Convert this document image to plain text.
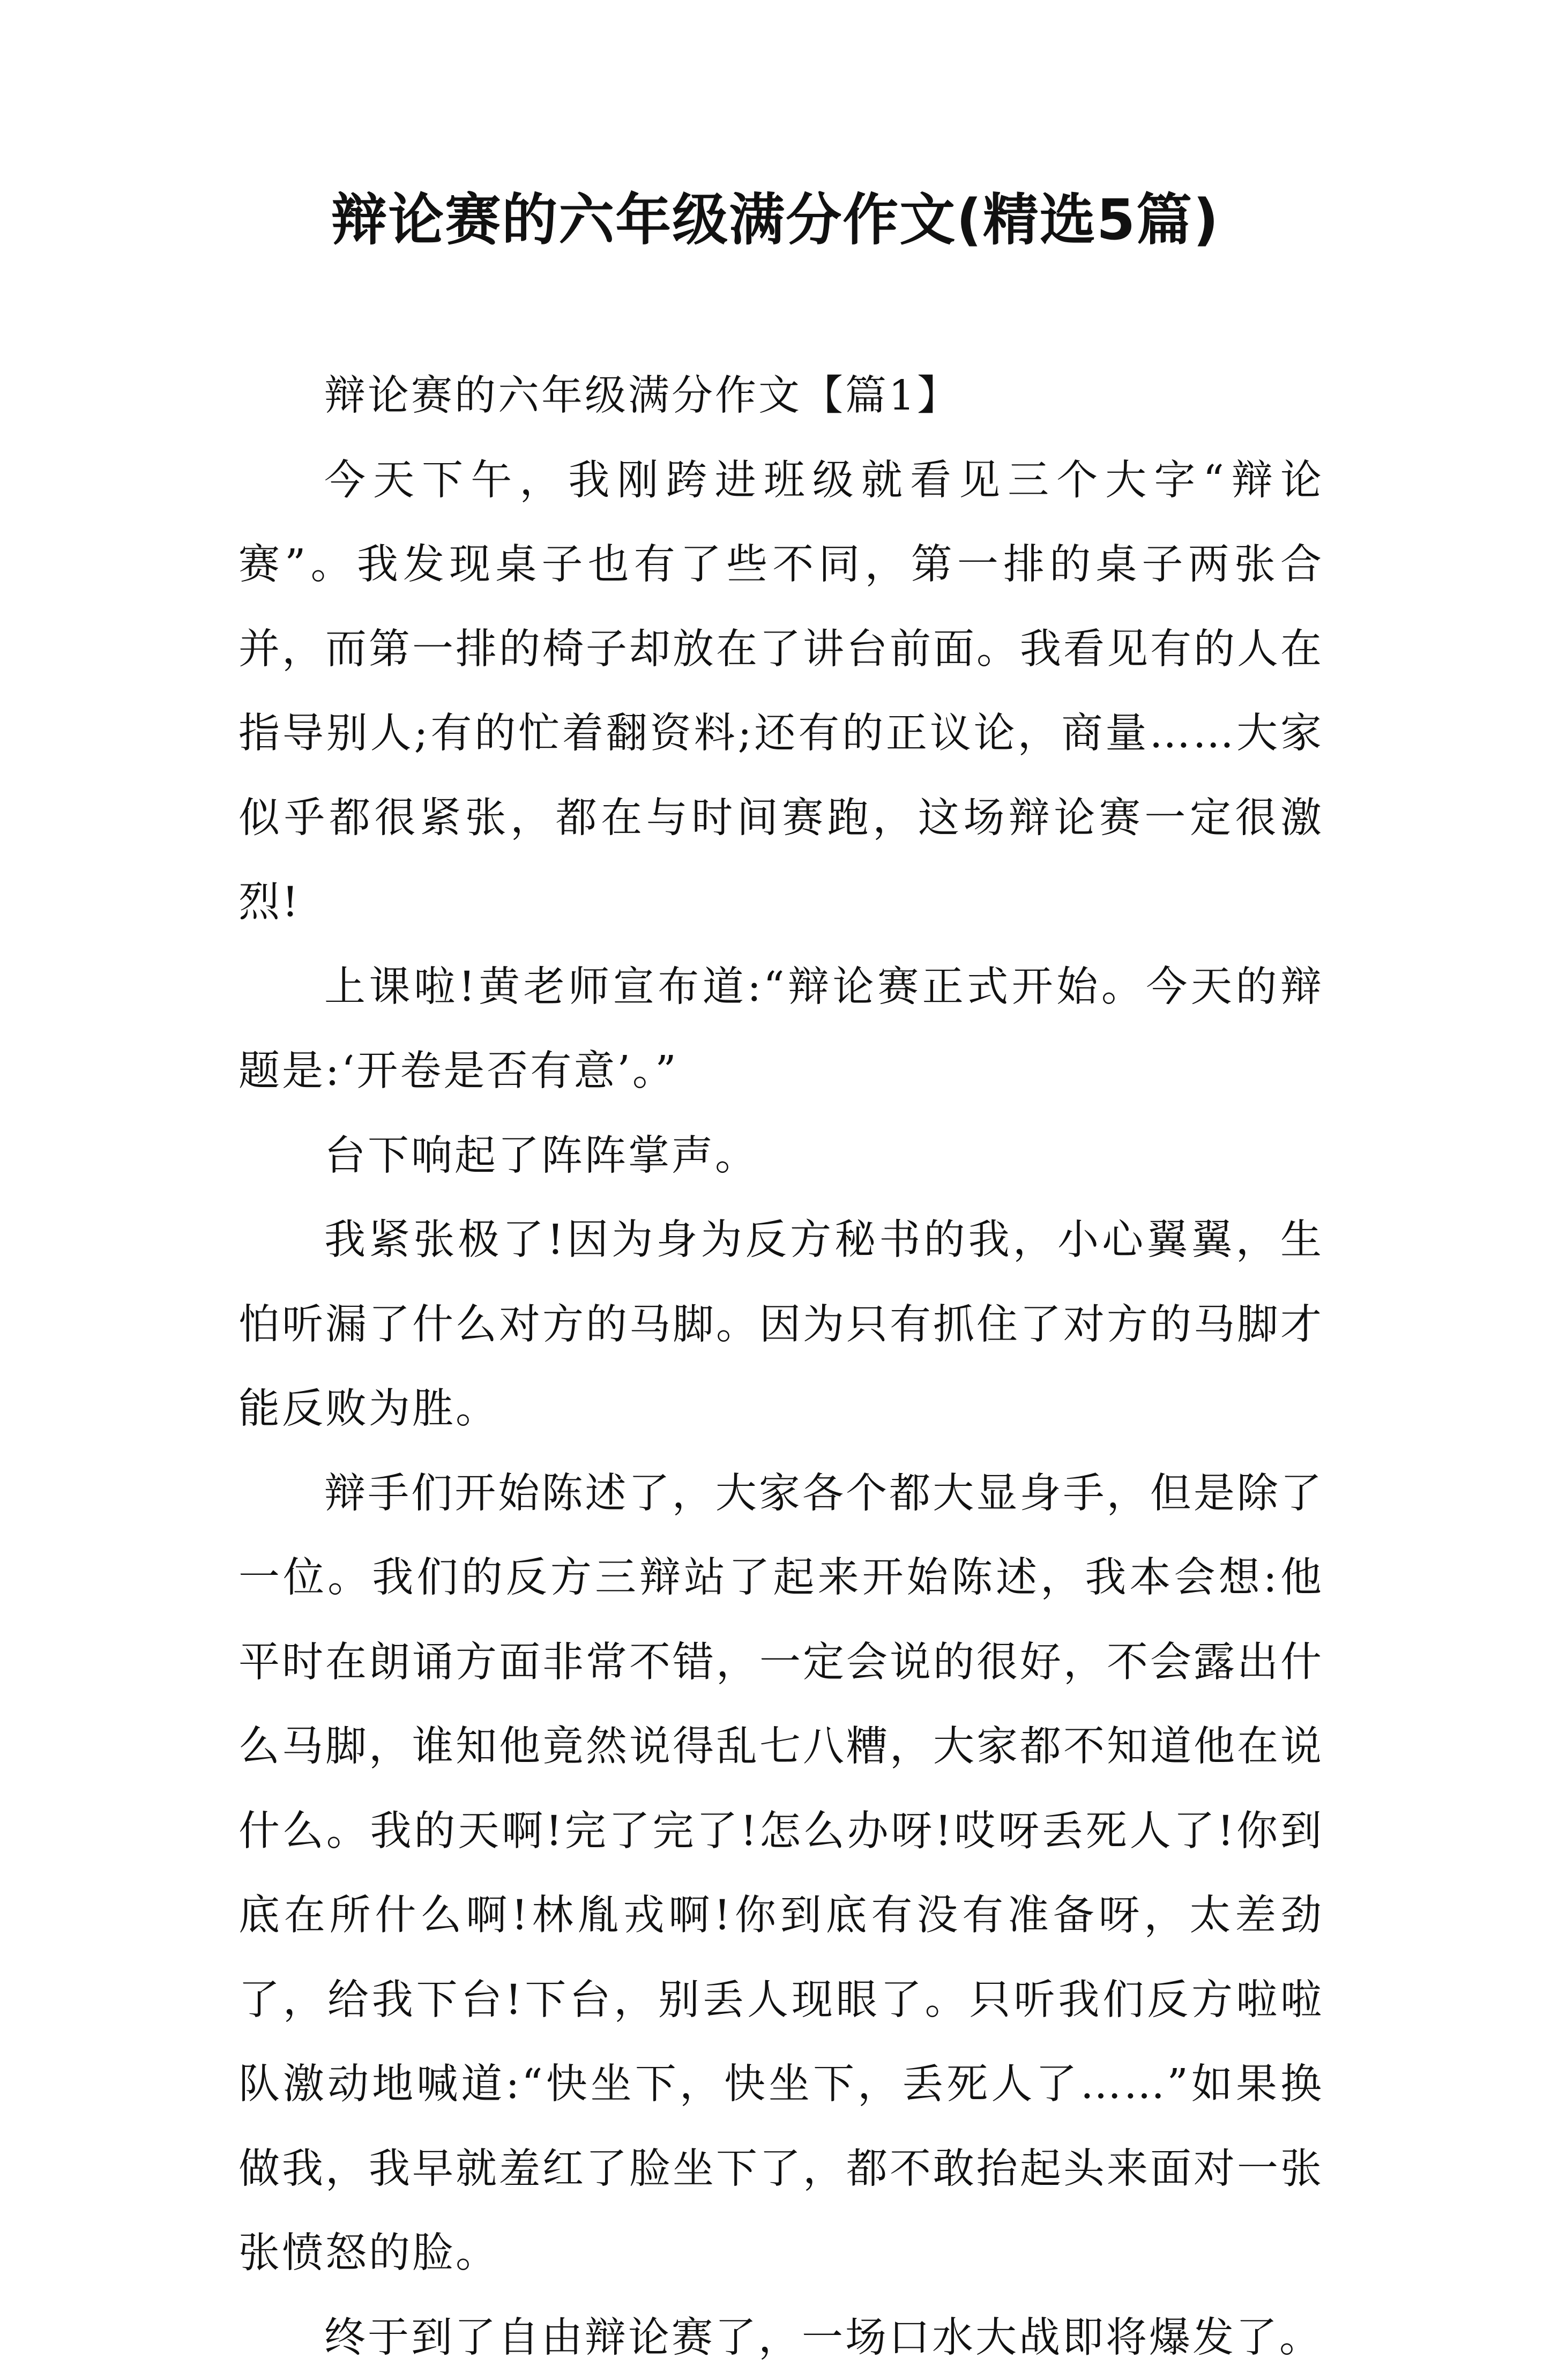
辩论赛的六年级满分作文(精选5篇)

辩论赛的六年级满分作文【篇1】

今天下午，我刚跨进班级就看见三个大字“辩论赛”。我发现桌子也有了些不同，第一排的桌子两张合并，而第一排的椅子却放在了讲台前面。我看见有的人在指导别人;有的忙着翻资料;还有的正议论，商量……大家似乎都很紧张，都在与时间赛跑，这场辩论赛一定很激烈!

上课啦!黄老师宣布道:“辩论赛正式开始。今天的辩题是:‘开卷是否有意’。”

台下响起了阵阵掌声。

我紧张极了!因为身为反方秘书的我，小心翼翼，生怕听漏了什么对方的马脚。因为只有抓住了对方的马脚才能反败为胜。

辩手们开始陈述了，大家各个都大显身手，但是除了一位。我们的反方三辩站了起来开始陈述，我本会想:他平时在朗诵方面非常不错，一定会说的很好，不会露出什么马脚，谁知他竟然说得乱七八糟，大家都不知道他在说什么。我的天啊!完了完了!怎么办呀!哎呀丢死人了!你到底在所什么啊!林胤戎啊!你到底有没有准备呀，太差劲了，给我下台!下台，别丢人现眼了。只听我们反方啦啦队激动地喊道:“快坐下，快坐下，丢死人了……”如果换做我，我早就羞红了脸坐下了，都不敢抬起头来面对一张张愤怒的脸。

终于到了自由辩论赛了，一场口水大战即将爆发了。
